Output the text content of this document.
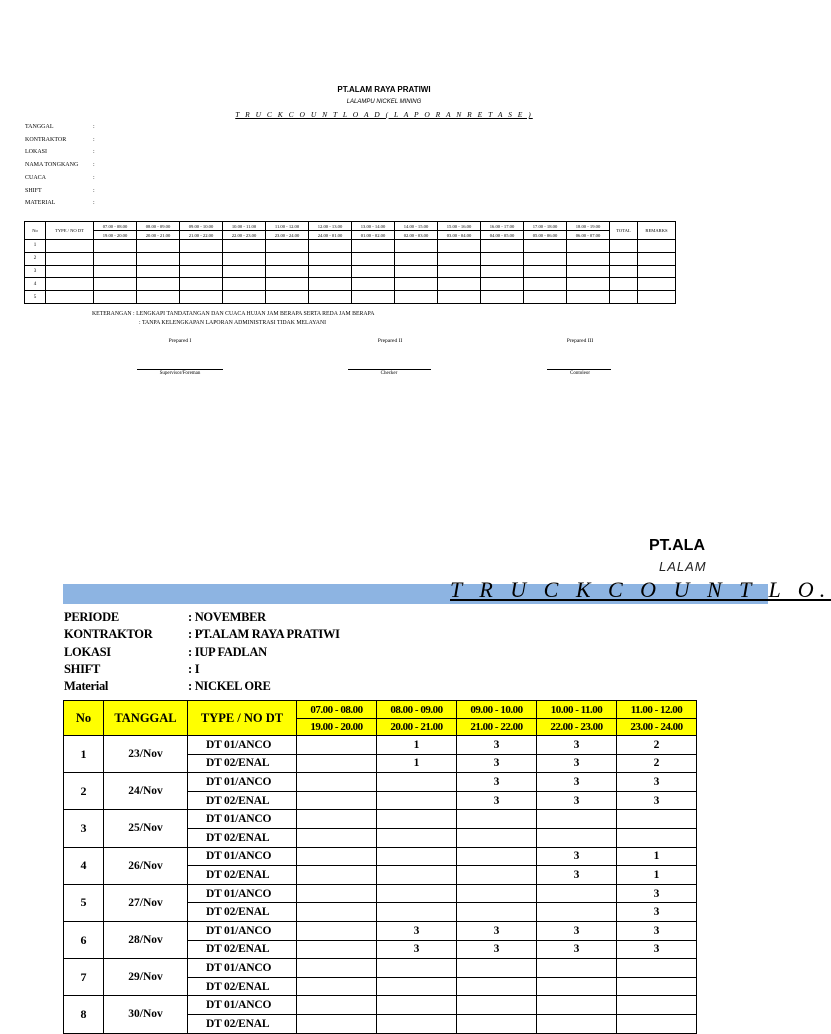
PT.ALAM RAYA PRATIWI
LALAMPU NICKEL MINING
T R U C K C O U N T L O A D ( L A P O R A N R E T A S E )
TANGGAL	:
KONTRAKTOR	:
LOKASI	:
NAMA TONGKANG :
CUACA	:
SHIFT	:
MATERIAL	:
No	TYPE / NO DT	07.00 - 08.00	08.00 - 09.00	09.00 - 10.00	10.00 - 11.00	11.00 - 12.00	12.00 - 13.00	13.00 - 14.00	14.00 - 15.00	15.00 - 16.00	16.00 - 17.00	17.00 - 18.00	18.00 - 19.00	TOTAL	REMARKS
		19.00 - 20.00	20.00 - 21.00	21.00 - 22.00	22.00 - 23.00	23.00 - 24.00	24.00 - 01.00	01.00 - 02.00	02.00 - 03.00	03.00 - 04.00	04.00 - 05.00	05.00 - 06.00	06.00 - 07.00		
1															
2															
3															
4															
5															
KETERANGAN : LENGKAPI TANDATANGAN DAN CUACA HUJAN JAM BERAPA SERTA REDA JAM BERAPA
: TANPA KELENGKAPAN LAPORAN ADMINISTRASI TIDAK MELAYANI
Prepared I	Prepared II	Prepared III
Supervisor/Foreman	Checker	Contoleor
PT.ALA
LALAM
T R U C K C O U N T L O.
PERIODE	: NOVEMBER
KONTRAKTOR	: PT.ALAM RAYA PRATIWI
LOKASI	: IUP FADLAN
SHIFT	: I
Material	: NICKEL ORE
No	TANGGAL	TYPE / NO DT	07.00 - 08.00	08.00 - 09.00	09.00 - 10.00	10.00 - 11.00	11.00 - 12.00
			19.00 - 20.00	20.00 - 21.00	21.00 - 22.00	22.00 - 23.00	23.00 - 24.00
1	23/Nov	DT 01/ANCO		1	3	3	2
		DT 02/ENAL		1	3	3	2
2	24/Nov	DT 01/ANCO			3	3	3
		DT 02/ENAL			3	3	3
3	25/Nov	DT 01/ANCO					
		DT 02/ENAL					
4	26/Nov	DT 01/ANCO				3	1
		DT 02/ENAL				3	1
5	27/Nov	DT 01/ANCO					3
		DT 02/ENAL					3
6	28/Nov	DT 01/ANCO		3	3	3	3
		DT 02/ENAL		3	3	3	3
7	29/Nov	DT 01/ANCO					
		DT 02/ENAL					
8	30/Nov	DT 01/ANCO					
		DT 02/ENAL					
